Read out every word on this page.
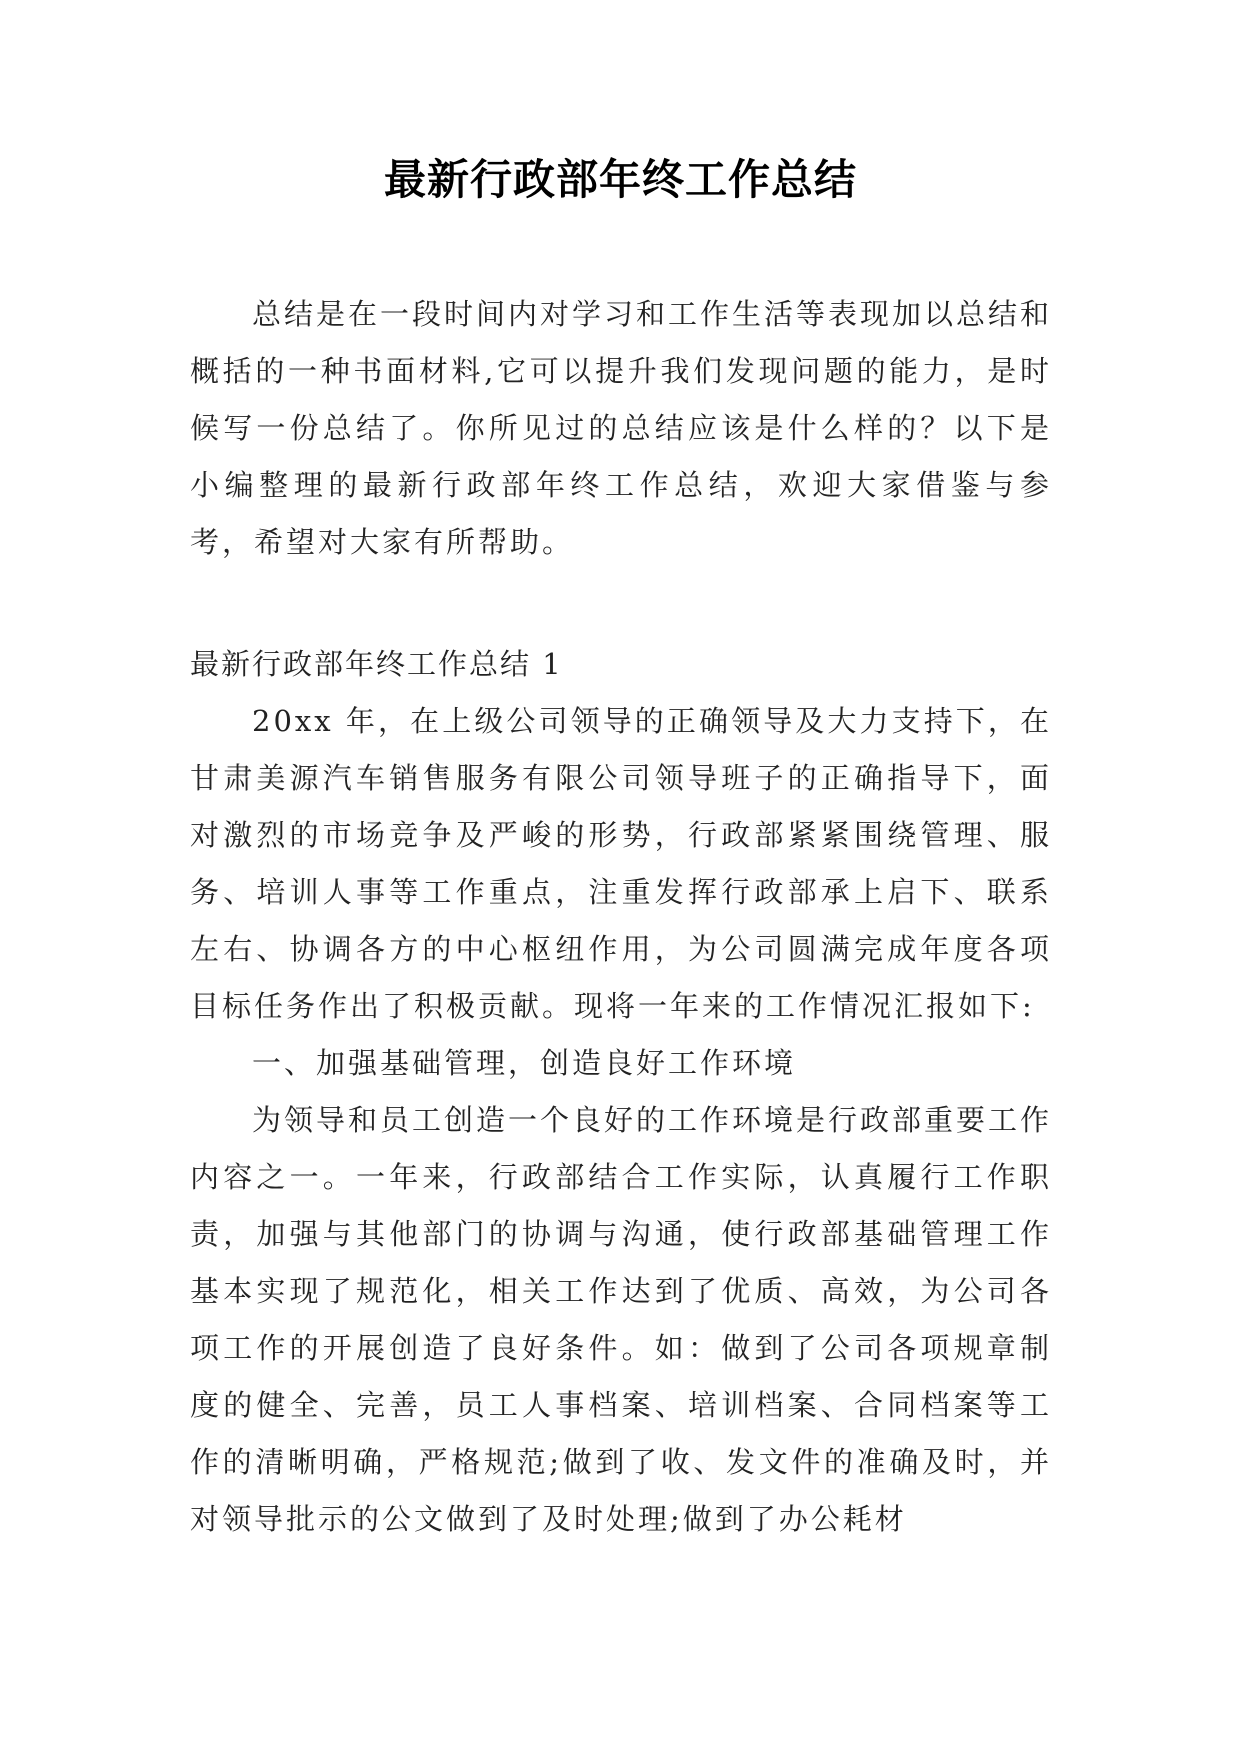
最新行政部年终工作总结

总结是在一段时间内对学习和工作生活等表现加以总结和概括的一种书面材料,它可以提升我们发现问题的能力，是时候写一份总结了。你所见过的总结应该是什么样的？以下是小编整理的最新行政部年终工作总结，欢迎大家借鉴与参考，希望对大家有所帮助。

最新行政部年终工作总结 1

20xx 年，在上级公司领导的正确领导及大力支持下，在甘肃美源汽车销售服务有限公司领导班子的正确指导下，面对激烈的市场竞争及严峻的形势，行政部紧紧围绕管理、服务、培训人事等工作重点，注重发挥行政部承上启下、联系左右、协调各方的中心枢纽作用，为公司圆满完成年度各项目标任务作出了积极贡献。现将一年来的工作情况汇报如下:

一、加强基础管理，创造良好工作环境

为领导和员工创造一个良好的工作环境是行政部重要工作内容之一。一年来，行政部结合工作实际，认真履行工作职责，加强与其他部门的协调与沟通，使行政部基础管理工作基本实现了规范化，相关工作达到了优质、高效，为公司各项工作的开展创造了良好条件。如：做到了公司各项规章制度的健全、完善，员工人事档案、培训档案、合同档案等工作的清晰明确，严格规范;做到了收、发文件的准确及时，并对领导批示的公文做到了及时处理;做到了办公耗材
